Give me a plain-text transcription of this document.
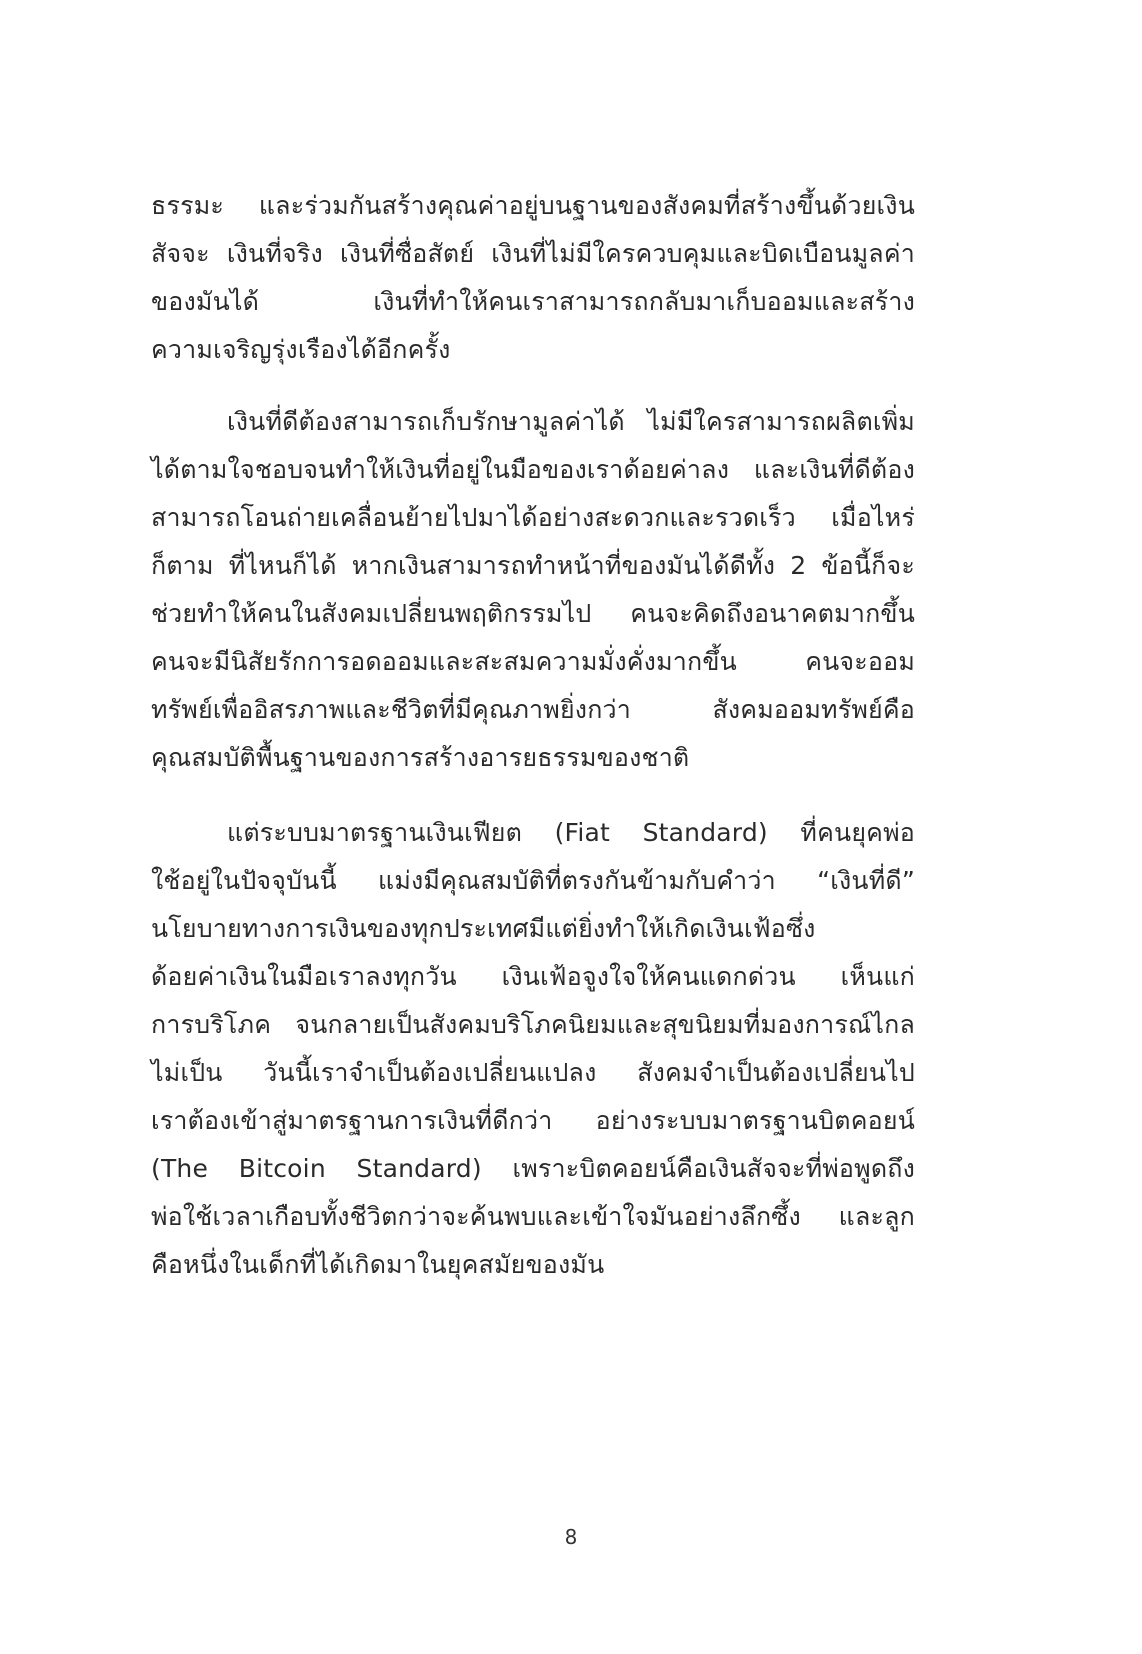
ธรรมะ และร่วมกันสร้างคุณค่าอยู่บนฐานของสังคมที่สร้างขึ้นด้วยเงิน
สัจจะ เงินที่จริง เงินที่ซื่อสัตย์ เงินที่ไม่มีใครควบคุมและบิดเบือนมูลค่า
ของมันได้ เงินที่ทำให้คนเราสามารถกลับมาเก็บออมและสร้าง
ความเจริญรุ่งเรืองได้อีกครั้ง
เงินที่ดีต้องสามารถเก็บรักษามูลค่าได้ ไม่มีใครสามารถผลิตเพิ่ม
ได้ตามใจชอบจนทำให้เงินที่อยู่ในมือของเราด้อยค่าลง และเงินที่ดีต้อง
สามารถโอนถ่ายเคลื่อนย้ายไปมาได้อย่างสะดวกและรวดเร็ว เมื่อไหร่
ก็ตาม ที่ไหนก็ได้ หากเงินสามารถทำหน้าที่ของมันได้ดีทั้ง 2 ข้อนี้ก็จะ
ช่วยทำให้คนในสังคมเปลี่ยนพฤติกรรมไป คนจะคิดถึงอนาคตมากขึ้น
คนจะมีนิสัยรักการอดออมและสะสมความมั่งคั่งมากขึ้น คนจะออม
ทรัพย์เพื่ออิสรภาพและชีวิตที่มีคุณภาพยิ่งกว่า สังคมออมทรัพย์คือ
คุณสมบัติพื้นฐานของการสร้างอารยธรรมของชาติ
แต่ระบบมาตรฐานเงินเฟียต (Fiat Standard) ที่คนยุคพ่อ
ใช้อยู่ในปัจจุบันนี้ แม่งมีคุณสมบัติที่ตรงกันข้ามกับคำว่า “เงินที่ดี”
นโยบายทางการเงินของทุกประเทศมีแต่ยิ่งทำให้เกิดเงินเฟ้อซึ่ง
ด้อยค่าเงินในมือเราลงทุกวัน เงินเฟ้อจูงใจให้คนแดกด่วน เห็นแก่
การบริโภค จนกลายเป็นสังคมบริโภคนิยมและสุขนิยมที่มองการณ์ไกล
ไม่เป็น วันนี้เราจำเป็นต้องเปลี่ยนแปลง สังคมจำเป็นต้องเปลี่ยนไป
เราต้องเข้าสู่มาตรฐานการเงินที่ดีกว่า อย่างระบบมาตรฐานบิตคอยน์
(The Bitcoin Standard) เพราะบิตคอยน์คือเงินสัจจะที่พ่อพูดถึง
พ่อใช้เวลาเกือบทั้งชีวิตกว่าจะค้นพบและเข้าใจมันอย่างลึกซึ้ง และลูก
คือหนึ่งในเด็กที่ได้เกิดมาในยุคสมัยของมัน
8
